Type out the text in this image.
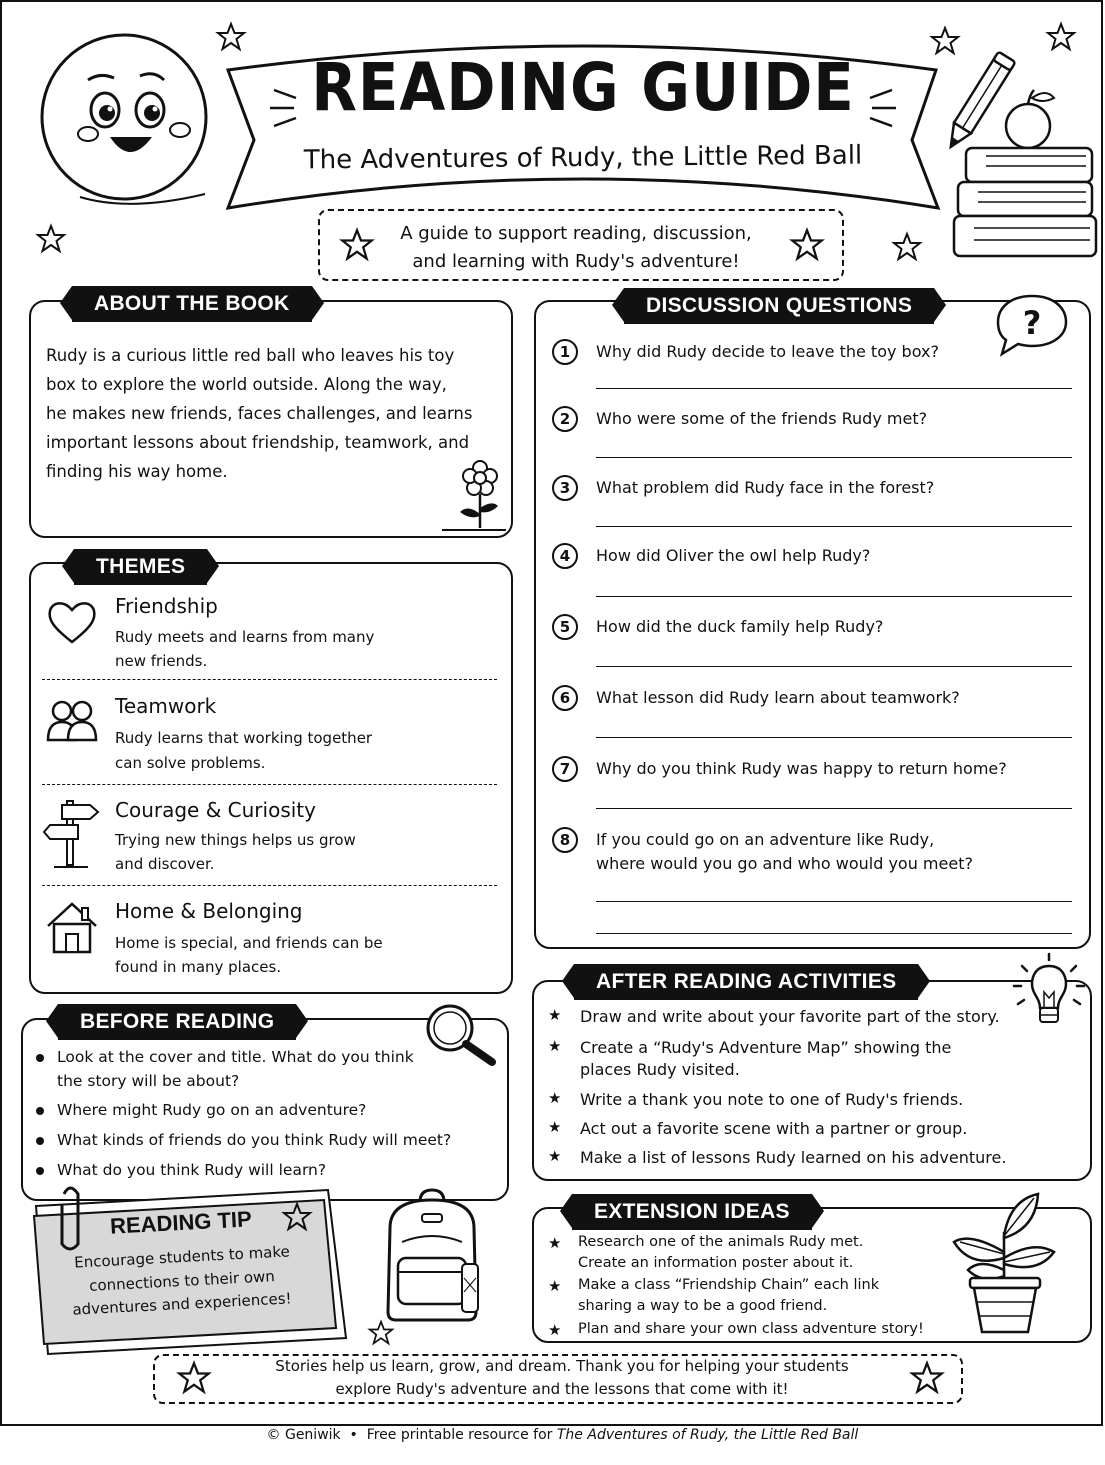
READING GUIDE
The Adventures of Rudy, the Little Red Ball
A guide to support reading, discussion,
and learning with Rudy's adventure!
ABOUT THE BOOK
Rudy is a curious little red ball who leaves his toy
box to explore the world outside. Along the way,
he makes new friends, faces challenges, and learns
important lessons about friendship, teamwork, and
finding his way home.
THEMES
Friendship
Rudy meets and learns from many
new friends.
Teamwork
Rudy learns that working together
can solve problems.
Courage & Curiosity
Trying new things helps us grow
and discover.
Home & Belonging
Home is special, and friends can be
found in many places.
BEFORE READING
Look at the cover and title. What do you think
the story will be about?
Where might Rudy go on an adventure?
What kinds of friends do you think Rudy will meet?
What do you think Rudy will learn?
READING TIP
Encourage students to make
connections to their own
adventures and experiences!
DISCUSSION QUESTIONS	?
1	Why did Rudy decide to leave the toy box?
2	Who were some of the friends Rudy met?
3	What problem did Rudy face in the forest?
4	How did Oliver the owl help Rudy?
5	How did the duck family help Rudy?
6	What lesson did Rudy learn about teamwork?
7	Why do you think Rudy was happy to return home?
8	If you could go on an adventure like Rudy,
where would you go and who would you meet?
AFTER READING ACTIVITIES
★ Draw and write about your favorite part of the story.
★ Create a “Rudy's Adventure Map” showing the
places Rudy visited.
★ Write a thank you note to one of Rudy's friends.
★ Act out a favorite scene with a partner or group.
★ Make a list of lessons Rudy learned on his adventure.
EXTENSION IDEAS
★ Research one of the animals Rudy met.
Create an information poster about it.
★ Make a class “Friendship Chain” each link
sharing a way to be a good friend.
★ Plan and share your own class adventure story!
Stories help us learn, grow, and dream. Thank you for helping your students
explore Rudy's adventure and the lessons that come with it!

© Geniwik  •  Free printable resource for The Adventures of Rudy, the Little Red Ball
